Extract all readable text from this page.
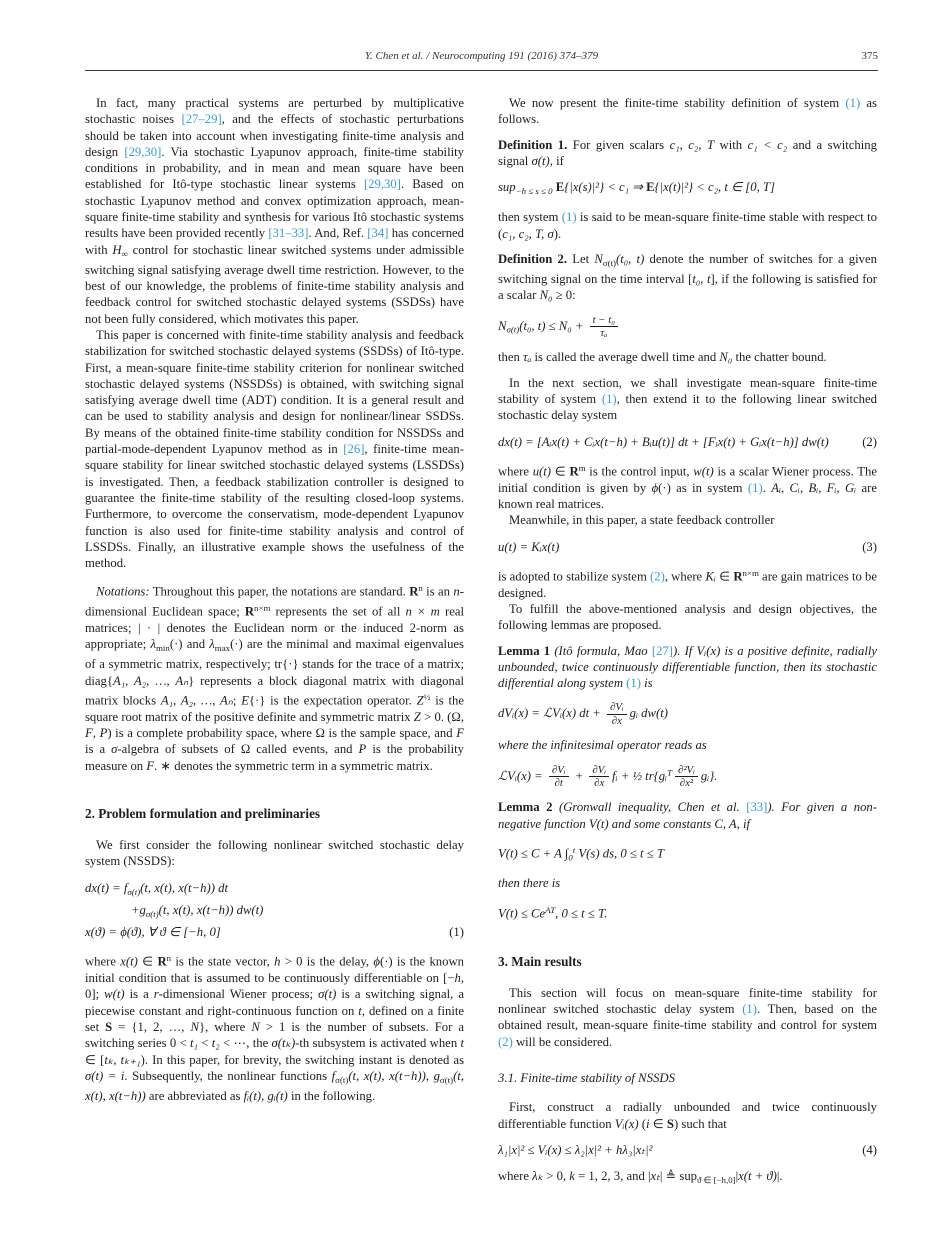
Y. Chen et al. / Neurocomputing 191 (2016) 374–379	375

In fact, many practical systems are perturbed by multiplicative stochastic noises [27–29], and the effects of stochastic perturbations should be taken into account when investigating finite-time analysis and design [29,30]. Via stochastic Lyapunov approach, finite-time stability conditions in probability, and in mean and mean square have been established for Itô-type stochastic linear systems [29,30]. Based on stochastic Lyapunov method and convex optimization approach, mean-square finite-time stability and synthesis for various Itô stochastic systems results have been provided recently [31–33]. And, Ref. [34] has concerned with $H_\infty$ control for stochastic linear switched systems under admissible switching signal satisfying average dwell time restriction. However, to the best of our knowledge, the problems of finite-time stability analysis and feedback control for switched stochastic delayed systems (SSDSs) have not been fully considered, which motivates this paper.

This paper is concerned with finite-time stability analysis and feedback stabilization for switched stochastic delayed systems (SSDSs) of Itô-type. First, a mean-square finite-time stability criterion for nonlinear switched stochastic delayed systems (NSSDSs) is obtained, with switching signal satisfying average dwell time (ADT) condition. It is a general result and can be used to stability analysis and design for nonlinear/linear SSDSs. By means of the obtained finite-time stability condition for NSSDSs and partial-mode-dependent Lyapunov method as in [26], finite-time mean-square stability for linear switched stochastic delayed systems (LSSDSs) is investigated. Then, a feedback stabilization controller is designed to guarantee the finite-time stability of the resulting closed-loop systems. Furthermore, to overcome the conservatism, mode-dependent Lyapunov function is also used for finite-time stability analysis and control of LSSDSs. Finally, an illustrative example shows the usefulness of the method.

Notations: Throughout this paper, the notations are standard. $R^n$ is an n-dimensional Euclidean space; $R^{n\times m}$ represents the set of all n × m real matrices; | · | denotes the Euclidean norm or the induced 2-norm as appropriate; $\lambda_{min}(\cdot)$ and $\lambda_{max}(\cdot)$ are the minimal and maximal eigenvalues of a symmetric matrix, respectively; tr{·} stands for the trace of a matrix; diag{A₁, A₂, …, Aₙ} represents a block diagonal matrix with diagonal matrix blocks A₁, A₂, …, Aₙ; E{·} is the expectation operator. $Z^{\frac{1}{2}}$ is the square root matrix of the positive definite and symmetric matrix Z > 0. (Ω, F, P) is a complete probability space, where Ω is the sample space, and F is a σ-algebra of subsets of Ω called events, and P is the probability measure on F. ∗ denotes the symmetric term in a symmetric matrix.

2. Problem formulation and preliminaries

We first consider the following nonlinear switched stochastic delay system (NSSDS):

$dx(t) = f_{\sigma(t)}(t$, x(t), x(t−h)) dt
$+g_{\sigma(t)}(t$, x(t), x(t−h)) dw(t)
x(ϑ) = ϕ(ϑ), ∀ ϑ ∈ [−h, 0]	(1)

where x(t) ∈ $R^n$ is the state vector, h > 0 is the delay, ϕ(·) is the known initial condition that is assumed to be continuously differentiable on [−h, 0]; w(t) is a r-dimensional Wiener process; σ(t) is a switching signal, a piecewise constant and right-continuous function on t, defined on a finite set S = {1, 2, …, N}, where N > 1 is the number of subsets. For a switching series 0 < t₁ < t₂ < ⋯, the σ(tₖ)-th subsystem is activated when t ∈ [tₖ, tₖ₊₁). In this paper, for brevity, the switching instant is denoted as σ(t) = i. Subsequently, the nonlinear functions $f_{\sigma(t)}(t$, x(t), x(t−h)), $g_{\sigma(t)}(t$, x(t), x(t−h)) are abbreviated as fᵢ(t), gᵢ(t) in the following.

We now present the finite-time stability definition of system (1) as follows.

Definition 1. For given scalars c₁, c₂, T with c₁ < c₂ and a switching signal σ(t), if

sup$_{-h \le s \le 0}$ E{|x(s)|²} < c₁ ⇒ E{|x(t)|²} < c₂, t ∈ [0, T]

then system (1) is said to be mean-square finite-time stable with respect to (c₁, c₂, T, σ).

Definition 2. Let $N_{\sigma(t)}(t_0$, t) denote the number of switches for a given switching signal on the time interval [t₀, t], if the following is satisfied for a scalar N₀ ≥ 0:

$N_{\sigma(t)}(t_0$, $t) \le N_0 + \frac{\text{t − t₀}}{\text{τₐ}}$

then τₐ is called the average dwell time and N₀ the chatter bound.

In the next section, we shall investigate mean-square finite-time stability of system (1), then extend it to the following linear switched stochastic delay system

dx(t) = [Aᵢx(t) + Cᵢx(t−h) + Bᵢu(t)] dt + [Fᵢx(t) + Gᵢx(t−h)] dw(t)	(2)

where u(t) ∈ $R^m$ is the control input, w(t) is a scalar Wiener process. The initial condition is given by ϕ(·) as in system (1). Aᵢ, Cᵢ, Bᵢ, Fᵢ, Gᵢ are known real matrices.

Meanwhile, in this paper, a state feedback controller

u(t) = Kᵢx(t)	(3)

is adopted to stabilize system (2), where Kᵢ ∈ $R^{n\times m}$ are gain matrices to be designed.

To fulfill the above-mentioned analysis and design objectives, the following lemmas are proposed.

Lemma 1 (Itô formula, Mao [27]). If Vᵢ(x) is a positive definite, radially unbounded, twice continuously differentiable function, then its stochastic differential along system (1) is

dVᵢ(x) = ℒVᵢ(x) dt + $\frac{\text{∂Vᵢ}}{\partial x}$ gᵢ dw(t)

where the infinitesimal operator reads as

ℒVᵢ(x) = $\frac{\text{∂Vᵢ}}{\partial t} + \frac{\text{∂Vᵢ}}{\partial x}$ fᵢ + ½ tr{gᵢ$^T$ $\frac{\text{∂²Vᵢ}}{\text{∂x²}}$ gᵢ}.

Lemma 2 (Gronwall inequality, Chen et al. [33]). For given a non-negative function V(t) and some constants C, A, if

V(t) ≤ C + A $\int_0^t$ V(s) ds, 0 ≤ t ≤ T

then there is

$V(t) \le Ce^{AT}$, 0 ≤ t ≤ T.
3. Main results

This section will focus on mean-square finite-time stability for nonlinear switched stochastic delay system (1). Then, based on the obtained result, mean-square finite-time stability and control for system (2) will be considered.

3.1. Finite-time stability of NSSDS

First, construct a radially unbounded and twice continuously differentiable function Vᵢ(x) (i ∈ S) such that

λ₁|x|² ≤ Vᵢ(x) ≤ λ₂|x|² + hλ₃|xₜ|²	(4)

where λₖ > 0, k = 1, 2, 3, and |xₜ| ≜ sup$_{ϑ \in [-h,0]}$|x(t + ϑ)|.
